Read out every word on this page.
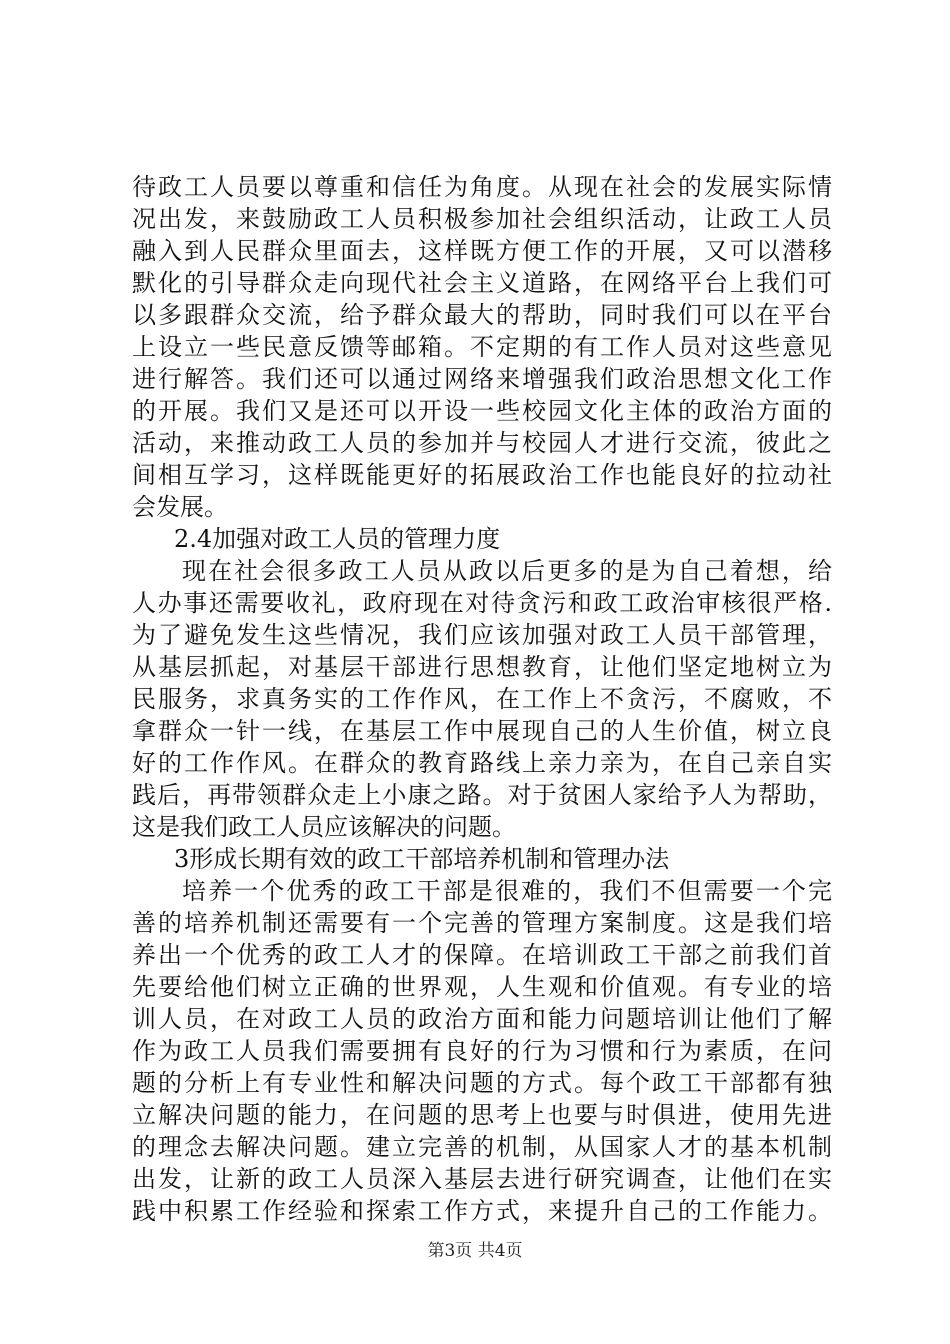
待政工人员要以尊重和信任为角度。从现在社会的发展实际情
况出发，来鼓励政工人员积极参加社会组织活动，让政工人员
融入到人民群众里面去，这样既方便工作的开展，又可以潜移
默化的引导群众走向现代社会主义道路，在网络平台上我们可
以多跟群众交流，给予群众最大的帮助，同时我们可以在平台
上设立一些民意反馈等邮箱。不定期的有工作人员对这些意见
进行解答。我们还可以通过网络来增强我们政治思想文化工作
的开展。我们又是还可以开设一些校园文化主体的政治方面的
活动，来推动政工人员的参加并与校园人才进行交流，彼此之
间相互学习，这样既能更好的拓展政治工作也能良好的拉动社
会发展。
2.4加强对政工人员的管理力度
现在社会很多政工人员从政以后更多的是为自己着想，给
人办事还需要收礼，政府现在对待贪污和政工政治审核很严格.
为了避免发生这些情况，我们应该加强对政工人员干部管理，
从基层抓起，对基层干部进行思想教育，让他们坚定地树立为
民服务，求真务实的工作作风，在工作上不贪污，不腐败，不
拿群众一针一线，在基层工作中展现自己的人生价值，树立良
好的工作作风。在群众的教育路线上亲力亲为，在自己亲自实
践后，再带领群众走上小康之路。对于贫困人家给予人为帮助，
这是我们政工人员应该解决的问题。
3形成长期有效的政工干部培养机制和管理办法
培养一个优秀的政工干部是很难的，我们不但需要一个完
善的培养机制还需要有一个完善的管理方案制度。这是我们培
养出一个优秀的政工人才的保障。在培训政工干部之前我们首
先要给他们树立正确的世界观，人生观和价值观。有专业的培
训人员，在对政工人员的政治方面和能力问题培训让他们了解
作为政工人员我们需要拥有良好的行为习惯和行为素质，在问
题的分析上有专业性和解决问题的方式。每个政工干部都有独
立解决问题的能力，在问题的思考上也要与时俱进，使用先进
的理念去解决问题。建立完善的机制，从国家人才的基本机制
出发，让新的政工人员深入基层去进行研究调查，让他们在实
践中积累工作经验和探索工作方式，来提升自己的工作能力。
第3页 共4页
